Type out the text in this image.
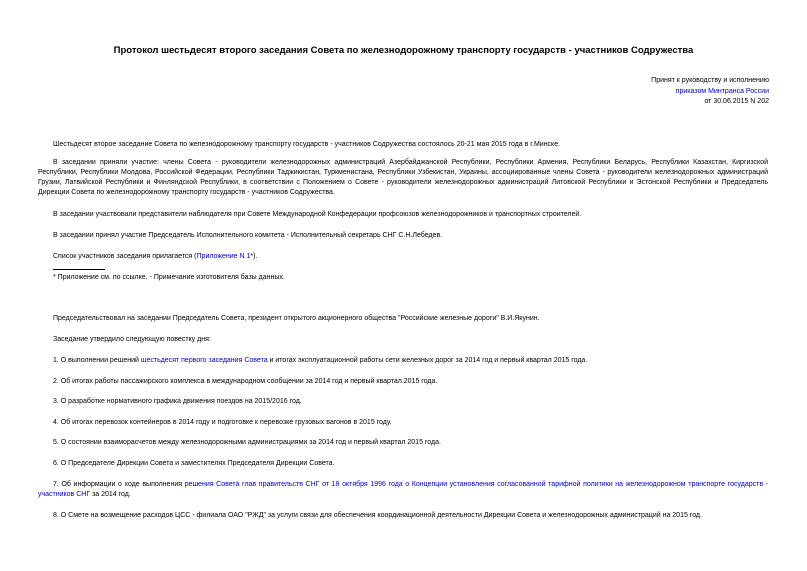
Протокол шестьдесят второго заседания Совета по железнодорожному транспорту государств - участников Содружества
Принят к руководству и исполнению
приказом Минтранса России
от 30.06.2015 N 202
Шестьдесят второе заседание Совета по железнодорожному транспорту государств - участников Содружества состоялось 20-21 мая 2015 года в г.Минске.
В заседании приняли участие: члены Совета - руководители железнодорожных администраций Азербайджанской Республики, Республики Армения, Республики Беларусь, Республики Казахстан, Киргизской Республики, Республики Молдова, Российской Федерации, Республики Таджикистан, Туркменистана, Республики Узбекистан, Украины, ассоциированные члены Совета - руководители железнодорожных администраций Грузии, Латвийской Республики и Финляндской Республики, в соответствии с Положением о Совете - руководители железнодорожных администраций Литовской Республики и Эстонской Республики и Председатель Дирекции Совета по железнодорожному транспорту государств - участников Содружества.
В заседании участвовали представители наблюдателя при Совете Международной Конфедерации профсоюзов железнодорожников и транспортных строителей.
В заседании принял участие Председатель Исполнительного комитета - Исполнительный секретарь СНГ С.Н.Лебедев.
Список участников заседания прилагается (Приложение N 1*).
* Приложение см. по ссылке. - Примечание изготовителя базы данных.
Председательствовал на заседании Председатель Совета, президент открытого акционерного общества "Российские железные дороги" В.И.Якунин.
Заседание утвердило следующую повестку дня:
1. О выполнении решений шестьдесят первого заседания Совета и итогах эксплуатационной работы сети железных дорог за 2014 год и первый квартал 2015 года.
2. Об итогах работы пассажирского комплекса в международном сообщении за 2014 год и первый квартал 2015 года.
3. О разработке нормативного графика движения поездов на 2015/2016 год.
4. Об итогах перевозок контейнеров в 2014 году и подготовке к перевозке грузовых вагонов в 2015 году.
5. О состоянии взаиморасчетов между железнодорожными администрациями за 2014 год и первый квартал 2015 года.
6. О Председателе Дирекции Совета и заместителях Председателя Дирекции Совета.
7. Об информации о ходе выполнения решения Совета глав правительств СНГ от 18 октября 1996 года о Концепции установления согласованной тарифной политики на железнодорожном транспорте государств - участников СНГ за 2014 год.
8. О Смете на возмещение расходов ЦСС - филиала ОАО "РЖД" за услуги связи для обеспечения координационной деятельности Дирекции Совета и железнодорожных администраций на 2015 год.
